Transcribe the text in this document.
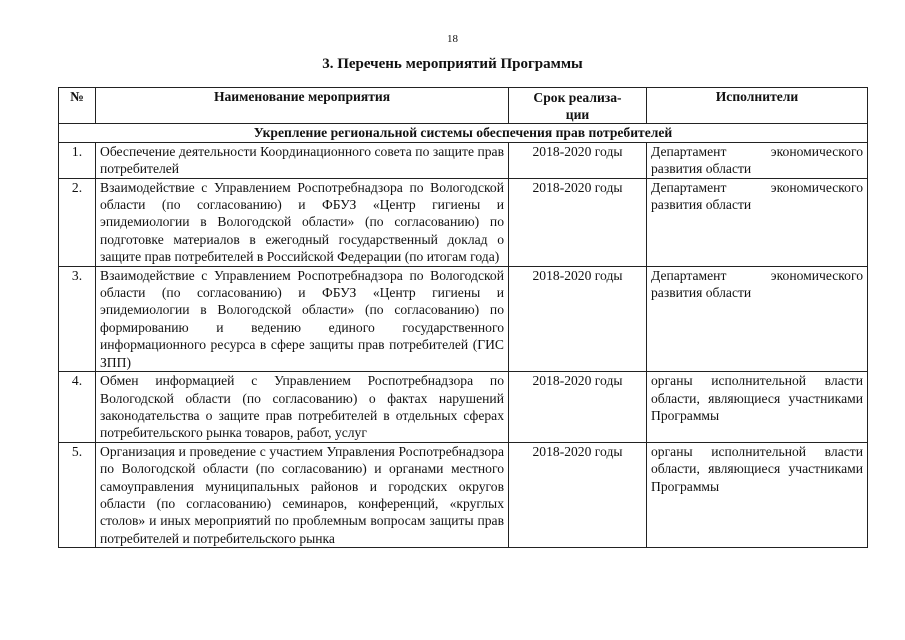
18
3. Перечень мероприятий Программы
№	Наименование мероприятия	Срок реализа-
ции	Исполнители
Укрепление региональной системы обеспечения прав потребителей			
1.	Обеспечение деятельности Координационного совета по защите прав потребителей	2018-2020 годы	Департамент экономического развития области
2.	Взаимодействие с Управлением Роспотребнадзора по Вологодской области (по согласованию) и ФБУЗ «Центр гигиены и эпидемиологии в Вологодской области» (по согласованию) по подготовке материалов в ежегодный государственный доклад о защите прав потребителей в Российской Федерации (по итогам года)	2018-2020 годы	Департамент экономического развития области
3.	Взаимодействие с Управлением Роспотребнадзора по Вологодской области (по согласованию) и ФБУЗ «Центр гигиены и эпидемиологии в Вологодской области» (по согласованию) по формированию и ведению единого государственного информационного ресурса в сфере защиты прав потребителей (ГИС ЗПП)	2018-2020 годы	Департамент экономического развития области
4.	Обмен информацией с Управлением Роспотребнадзора по Вологодской области (по согласованию) о фактах нарушений законодательства о защите прав потребителей в отдельных сферах потребительского рынка товаров, работ, услуг	2018-2020 годы	органы исполнительной власти области, являющиеся участниками Программы
5.	Организация и проведение с участием Управления Роспотребнадзора по Вологодской области (по согласованию) и органами местного самоуправления муниципальных районов и городских округов области (по согласованию) семинаров, конференций, «круглых столов» и иных мероприятий по проблемным вопросам защиты прав потребителей и потребительского рынка	2018-2020 годы	органы исполнительной власти области, являющиеся участниками Программы
